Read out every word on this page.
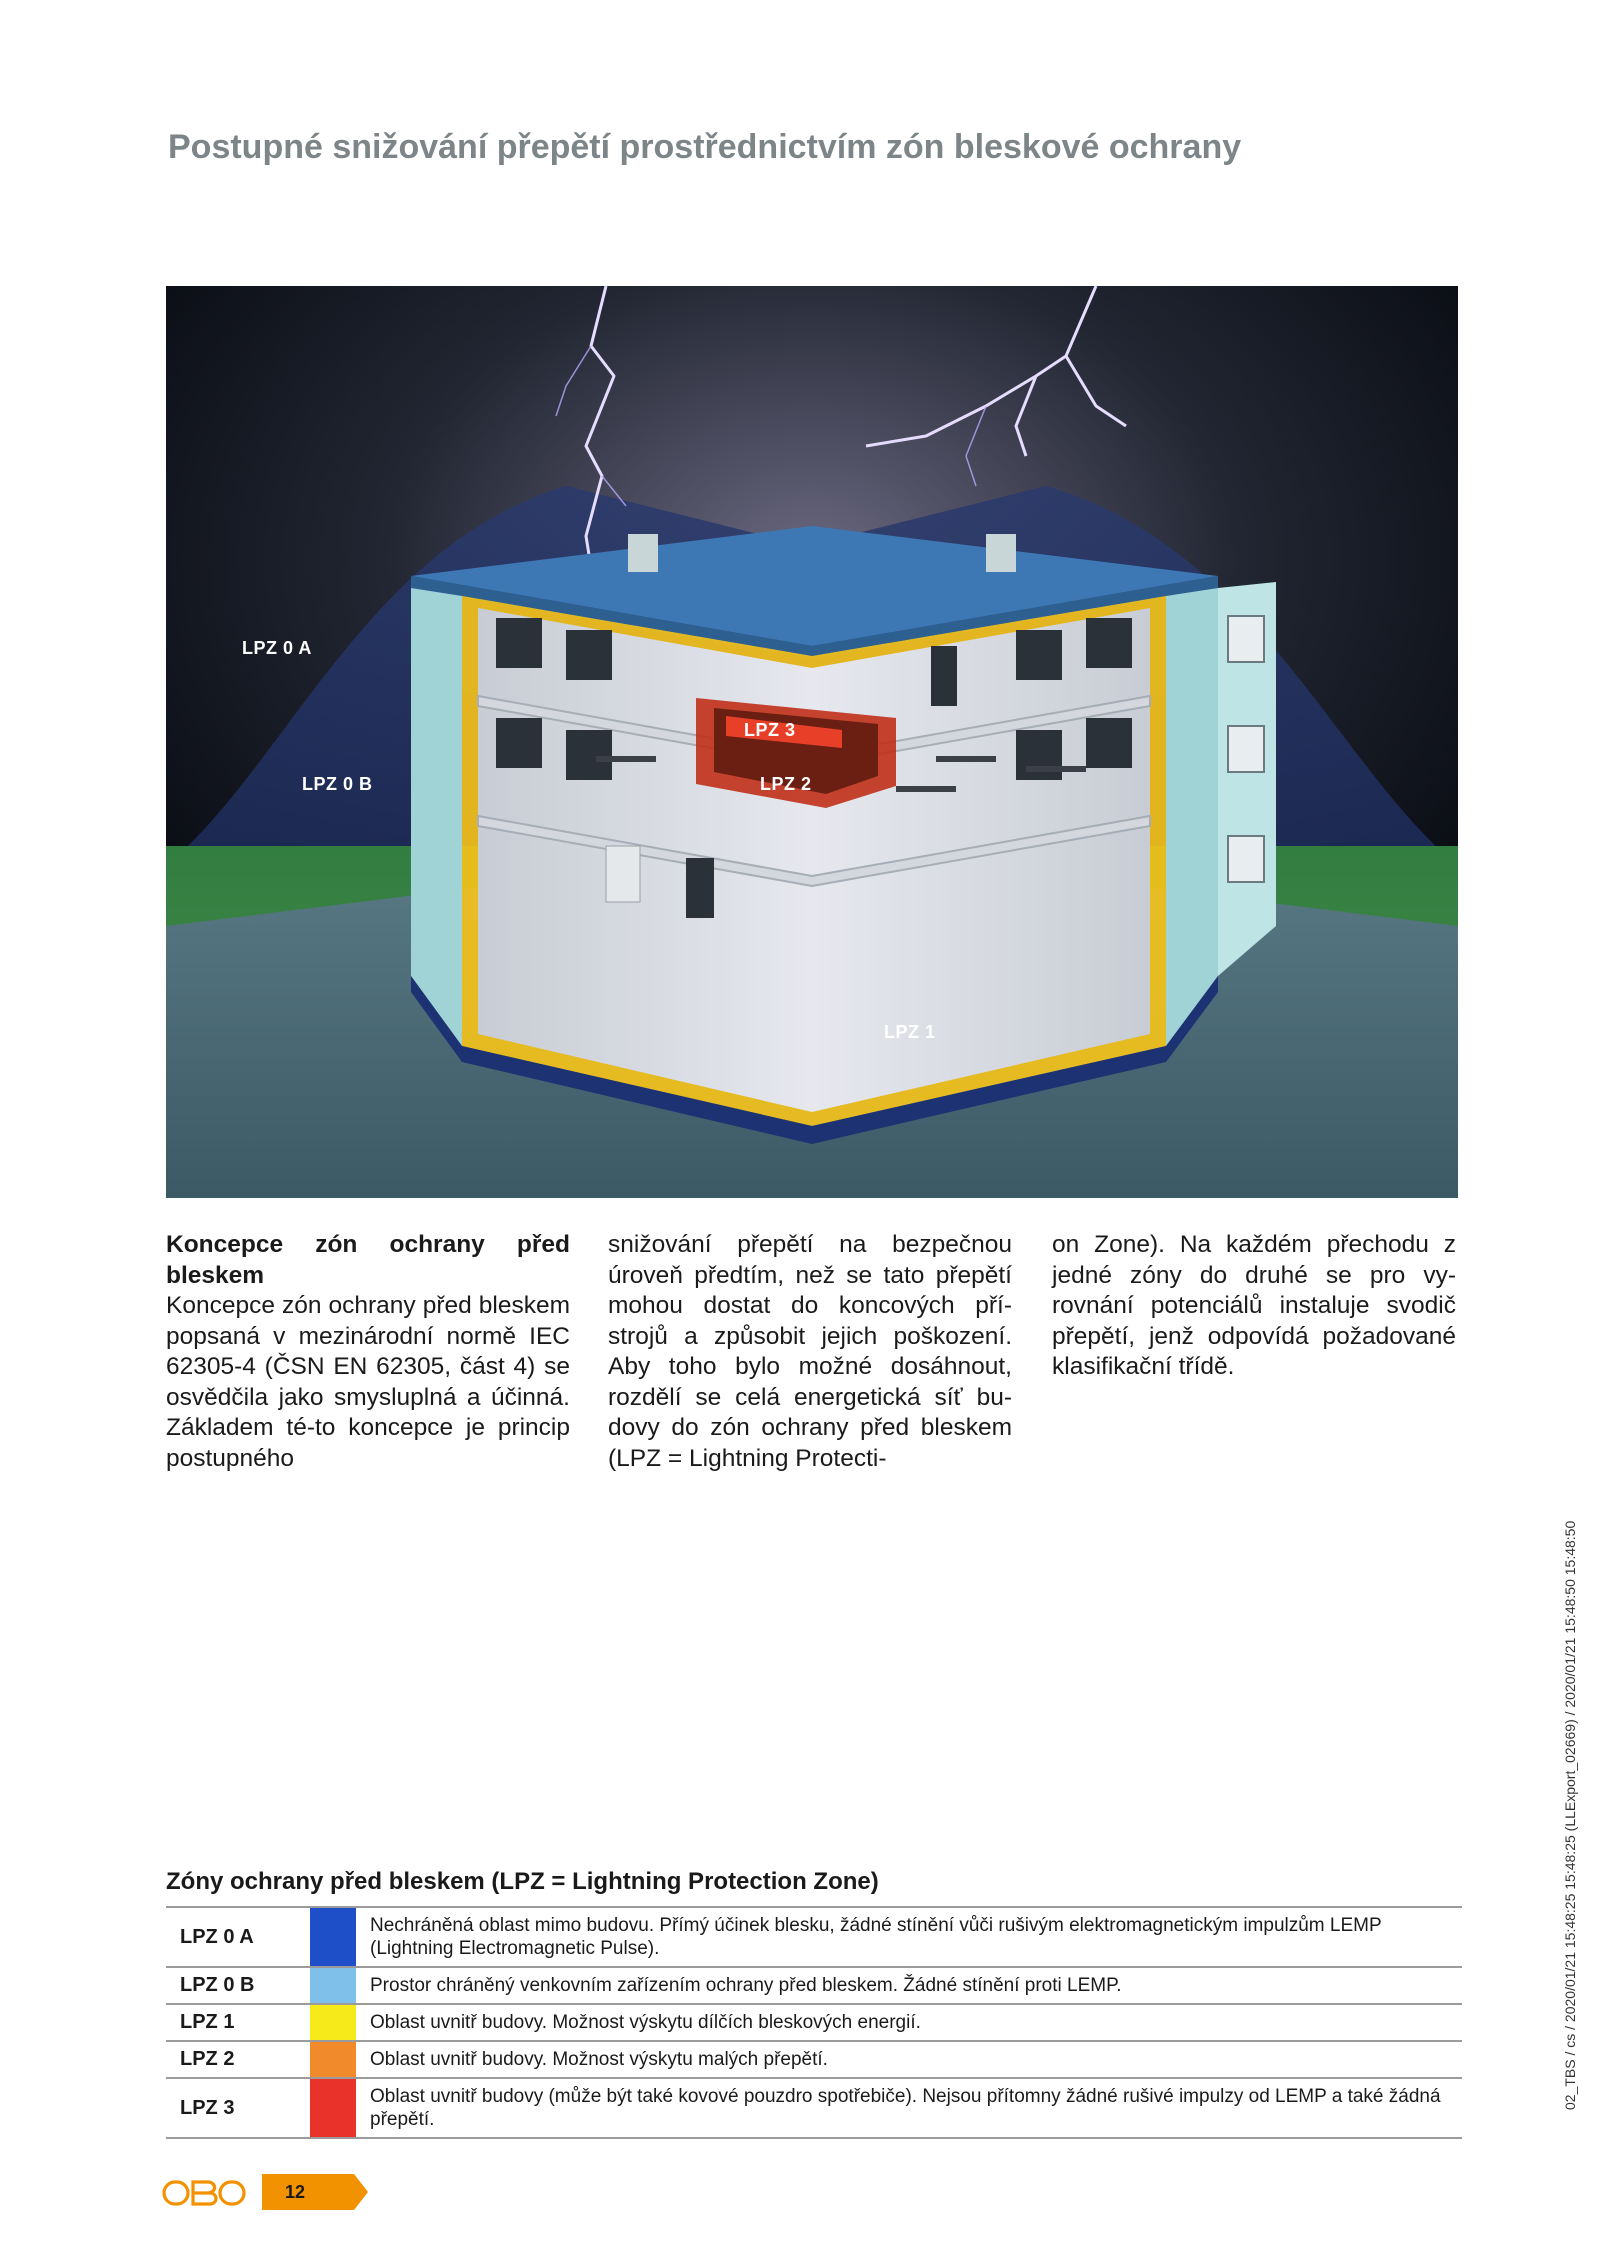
Postupné snižování přepětí prostřednictvím zón bleskové ochrany
LPZ 0 A
LPZ 0 B
LPZ 3
LPZ 2
LPZ 1
Koncepce zón ochrany před bleskem
Koncepce zón ochrany před bleskem popsaná v mezinárodní normě IEC 62305-4 (ČSN EN 62305, část 4) se osvědčila jako smysluplná a účinná. Základem té-to koncepce je princip postupného
snižování přepětí na bezpečnou úroveň předtím, než se tato přepětí mohou dostat do koncových pří-strojů a způsobit jejich poškození. Aby toho bylo možné dosáhnout, rozdělí se celá energetická síť bu-dovy do zón ochrany před bleskem (LPZ = Lightning Protecti-
on Zone). Na každém přechodu z jedné zóny do druhé se pro vy-rovnání potenciálů instaluje svodič přepětí, jenž odpovídá požadované klasifikační třídě.
02_TBS / cs / 2020/01/21 15:48:25 15:48:25 (LLExport_02669) / 2020/01/21 15:48:50 15:48:50
Zóny ochrany před bleskem (LPZ = Lightning Protection Zone)
LPZ 0 A		Nechráněná oblast mimo budovu. Přímý účinek blesku, žádné stínění vůči rušivým elektromagnetickým impulzům LEMP (Lightning Electromagnetic Pulse).
LPZ 0 B		Prostor chráněný venkovním zařízením ochrany před bleskem. Žádné stínění proti LEMP.
LPZ 1		Oblast uvnitř budovy. Možnost výskytu dílčích bleskových energií.
LPZ 2		Oblast uvnitř budovy. Možnost výskytu malých přepětí.
LPZ 3		Oblast uvnitř budovy (může být také kovové pouzdro spotřebiče). Nejsou přítomny žádné rušivé impulzy od LEMP a také žádná přepětí.
12
